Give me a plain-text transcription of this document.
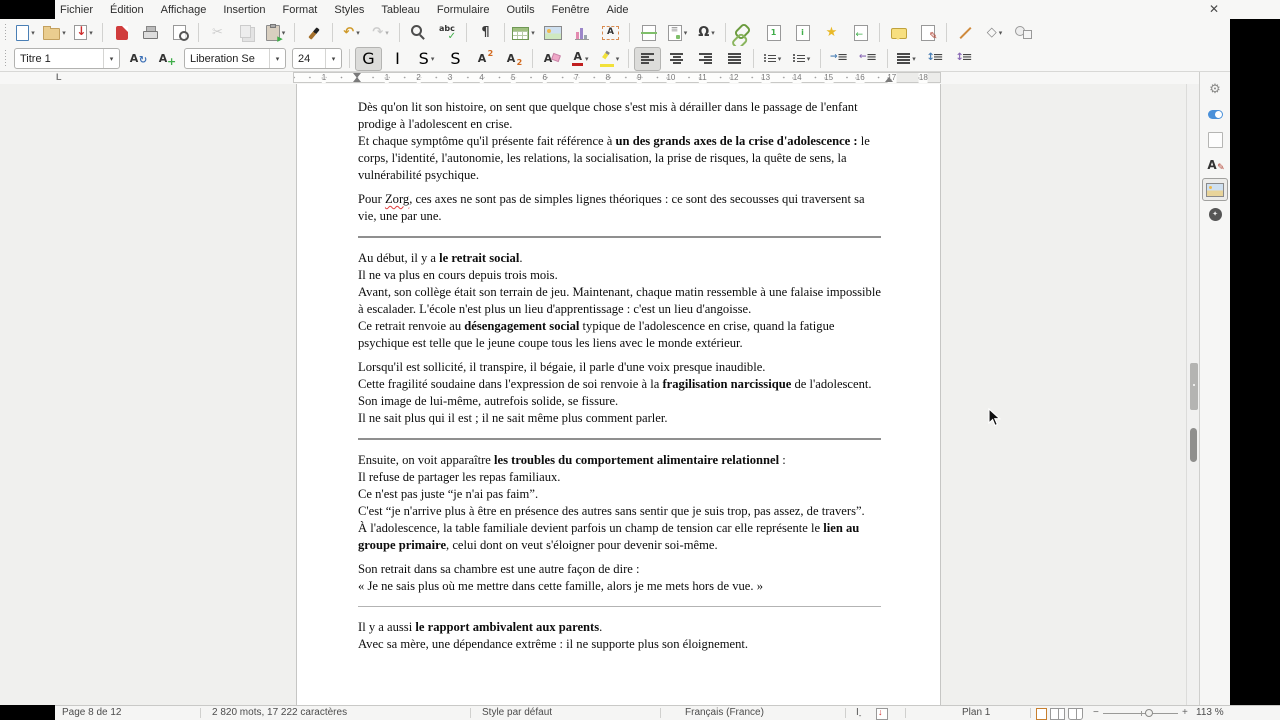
Fichier Édition Affichage Insertion Format Styles Tableau Formulaire Outils Fenêtre Aide	✕
▾	▾ ↓	▾	✂ ▸	▾	↶ ▾ ↷ ▾ abc ✓	¶	▾ A ≡	▾ Ω ▾	1	i	★ ← ✎	◇ ▾
Titre 1	▾	A ↻	A +	Liberation Se	▾	24	▾	G I S ▾ S A 2	A 2	A	A ▾	▾	▾	▾ ≡ → ≡ ←	▾
≡ ↕
≡ ↕
L	1	1	2	3	4	5	6	7	8	9	10	11	12	13	14	15	16	17	18

Dès qu'on lit son histoire, on sent que quelque chose s'est mis à dérailler dans le passage de l'enfant prodige à l'adolescent en crise.
Et chaque symptôme qu'il présente fait référence à un des grands axes de la crise d'adolescence : le corps, l'identité, l'autonomie, les relations, la socialisation, la prise de risques, la quête de sens, la vulnérabilité psychique.

Pour Zorg, ces axes ne sont pas de simples lignes théoriques : ce sont des secousses qui traversent sa vie, une par une.

Au début, il y a le retrait social.
Il ne va plus en cours depuis trois mois.
Avant, son collège était son terrain de jeu. Maintenant, chaque matin ressemble à une falaise impossible à escalader. L'école n'est plus un lieu d'apprentissage : c'est un lieu d'angoisse.
Ce retrait renvoie au désengagement social typique de l'adolescence en crise, quand la fatigue psychique est telle que le jeune coupe tous les liens avec le monde extérieur.

Lorsqu'il est sollicité, il transpire, il bégaie, il parle d'une voix presque inaudible.
Cette fragilité soudaine dans l'expression de soi renvoie à la fragilisation narcissique de l'adolescent.
Son image de lui-même, autrefois solide, se fissure.
Il ne sait plus qui il est ; il ne sait même plus comment parler.

Ensuite, on voit apparaître les troubles du comportement alimentaire relationnel :
Il refuse de partager les repas familiaux.
Ce n'est pas juste “je n'ai pas faim”.
C'est “je n'arrive plus à être en présence des autres sans sentir que je suis trop, pas assez, de travers”.
À l'adolescence, la table familiale devient parfois un champ de tension car elle représente le lien au groupe primaire, celui dont on veut s'éloigner pour devenir soi-même.

Son retrait dans sa chambre est une autre façon de dire :
« Je ne sais plus où me mettre dans cette famille, alors je me mets hors de vue. »

Il y a aussi le rapport ambivalent aux parents.
Avec sa mère, une dépendance extrême : il ne supporte plus son éloignement.

⚙
A ✎
✦
Page 8 de 12	2 820 mots, 17 222 caractères	Style par défaut	Français (France)	Plan 1
I ‐ ↓	−	+ 113 %
